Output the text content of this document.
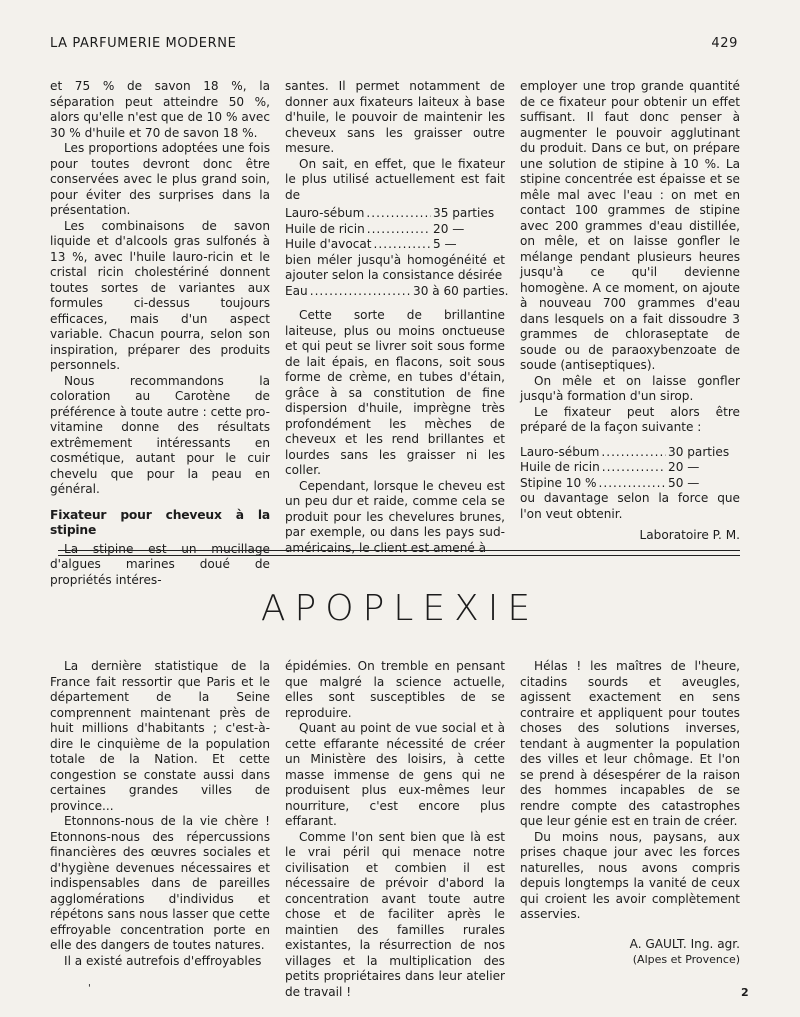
LA PARFUMERIE MODERNE	429

et 75 % de savon 18 %, la séparation peut atteindre 50 %, alors qu'elle n'est que de 10 % avec 30 % d'huile et 70 de savon 18 %.

Les proportions adoptées une fois pour toutes devront donc être conservées avec le plus grand soin, pour éviter des surprises dans la présentation.

Les combinaisons de savon liquide et d'alcools gras sulfonés à 13 %, avec l'huile lauro-ricin et le cristal ricin cholestériné donnent toutes sortes de variantes aux formules ci-dessus toujours efficaces, mais d'un aspect variable. Chacun pourra, selon son inspiration, préparer des produits personnels.

Nous recommandons la coloration au Carotène de préférence à toute autre : cette pro-vitamine donne des résultats extrêmement intéressants en cosmétique, autant pour le cuir chevelu que pour la peau en général.

Fixateur pour cheveux à la stipine

La stipine est un mucillage d'algues marines doué de propriétés intéres-

santes. Il permet notamment de donner aux fixateurs laiteux à base d'huile, le pouvoir de maintenir les cheveux sans les graisser outre mesure.

On sait, en effet, que le fixateur le plus utilisé actuellement est fait de

Lauro-sébum .....	35 parties
Huile de ricin .....	20 —
Huile d'avocat .....	5 —

bien méler jusqu'à homogénéité et ajouter selon la consistance désirée

Eau .....	30 à 60 parties.

Cette sorte de brillantine laiteuse, plus ou moins onctueuse et qui peut se livrer soit sous forme de lait épais, en flacons, soit sous forme de crème, en tubes d'étain, grâce à sa constitution de fine dispersion d'huile, imprègne très profondément les mèches de cheveux et les rend brillantes et lourdes sans les graisser ni les coller.

Cependant, lorsque le cheveu est un peu dur et raide, comme cela se produit pour les chevelures brunes, par exemple, ou dans les pays sud-américains, le client est amené à

employer une trop grande quantité de ce fixateur pour obtenir un effet suffisant. Il faut donc penser à augmenter le pouvoir agglutinant du produit. Dans ce but, on prépare une solution de stipine à 10 %. La stipine concentrée est épaisse et se mêle mal avec l'eau : on met en contact 100 grammes de stipine avec 200 grammes d'eau distillée, on mêle, et on laisse gonfler le mélange pendant plusieurs heures jusqu'à ce qu'il devienne homogène. A ce moment, on ajoute à nouveau 700 grammes d'eau dans lesquels on a fait dissoudre 3 grammes de chloraseptate de soude ou de paraoxybenzoate de soude (antiseptiques).

On mêle et on laisse gonfler jusqu'à formation d'un sirop.

Le fixateur peut alors être préparé de la façon suivante :

Lauro-sébum .....	30 parties
Huile de ricin .....	20 —
Stipine 10 % .....	50 —

ou davantage selon la force que l'on veut obtenir.

Laboratoire P. M.

APOPLEXIE

La dernière statistique de la France fait ressortir que Paris et le département de la Seine comprennent maintenant près de huit millions d'habitants ; c'est-à-dire le cinquième de la population totale de la Nation. Et cette congestion se constate aussi dans certaines grandes villes de province...

Etonnons-nous de la vie chère ! Etonnons-nous des répercussions financières des œuvres sociales et d'hygiène devenues nécessaires et indispensables dans de pareilles agglomérations d'individus et répétons sans nous lasser que cette effroyable concentration porte en elle des dangers de toutes natures.

Il a existé autrefois d'effroyables

épidémies. On tremble en pensant que malgré la science actuelle, elles sont susceptibles de se reproduire.

Quant au point de vue social et à cette effarante nécessité de créer un Ministère des loisirs, à cette masse immense de gens qui ne produisent plus eux-mêmes leur nourriture, c'est encore plus effarant.

Comme l'on sent bien que là est le vrai péril qui menace notre civilisation et combien il est nécessaire de prévoir d'abord la concentration avant toute autre chose et de faciliter après le maintien des familles rurales existantes, la résurrection de nos villages et la multiplication des petits propriétaires dans leur atelier de travail !

Hélas ! les maîtres de l'heure, citadins sourds et aveugles, agissent exactement en sens contraire et appliquent pour toutes choses des solutions inverses, tendant à augmenter la population des villes et leur chômage. Et l'on se prend à désespérer de la raison des hommes incapables de se rendre compte des catastrophes que leur génie est en train de créer.

Du moins nous, paysans, aux prises chaque jour avec les forces naturelles, nous avons compris depuis longtemps la vanité de ceux qui croient les avoir complètement asservies.

A. GAULT. Ing. agr.

(Alpes et Provence)

'	2
